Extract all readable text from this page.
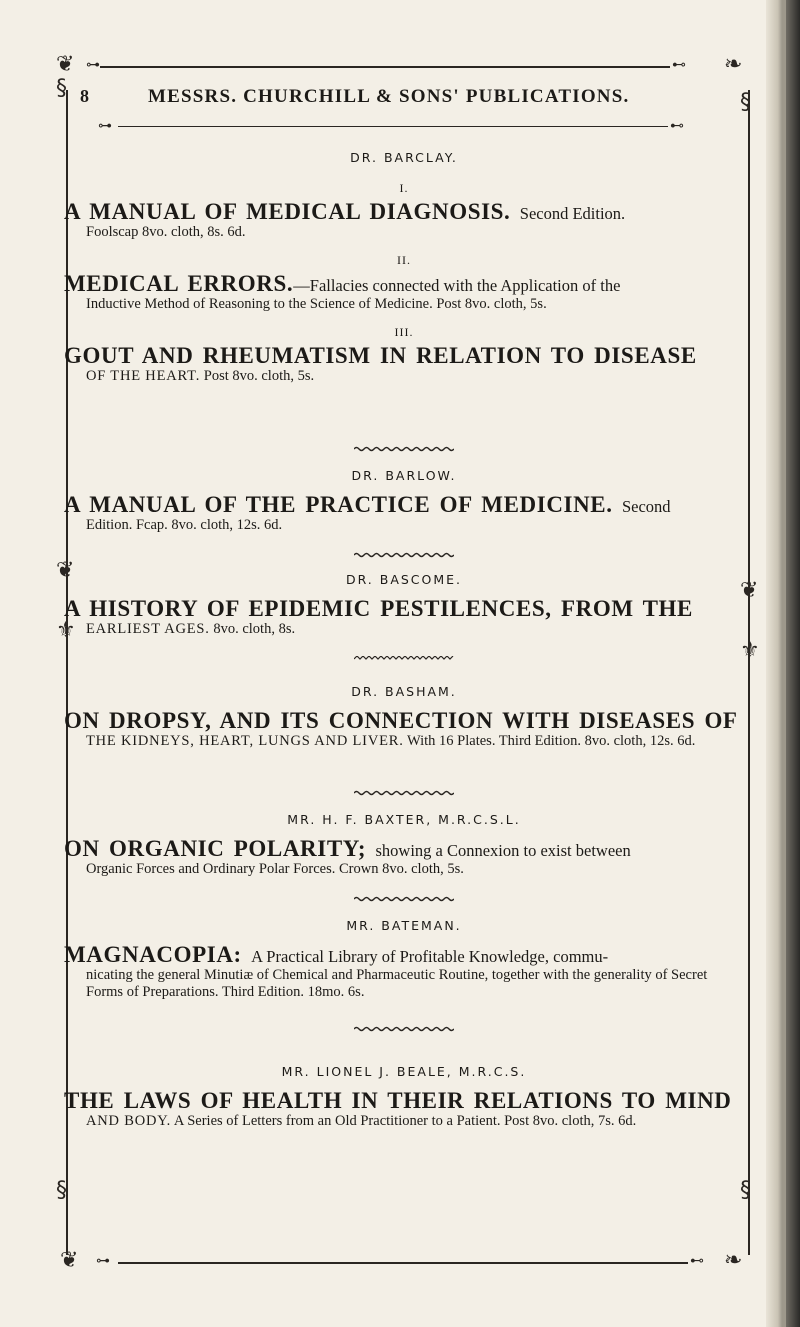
❦ ⊶	⊷ ❧
§
§
❦
⚜
❦
⚜
§	§
❦ ⊶	⊷ ❧
8	MESSRS. CHURCHILL & SONS' PUBLICATIONS.
⊶	⊷

DR. BARCLAY.

I.

A MANUAL OF MEDICAL DIAGNOSIS. Second Edition.

Foolscap 8vo. cloth, 8s. 6d.

II.

MEDICAL ERRORS.—Fallacies connected with the Application of the

Inductive Method of Reasoning to the Science of Medicine. Post 8vo. cloth, 5s.

III.

GOUT AND RHEUMATISM IN RELATION TO DISEASE

OF THE HEART. Post 8vo. cloth, 5s.

DR. BARLOW.

A MANUAL OF THE PRACTICE OF MEDICINE. Second

Edition. Fcap. 8vo. cloth, 12s. 6d.

DR. BASCOME.

A HISTORY OF EPIDEMIC PESTILENCES, FROM THE

EARLIEST AGES. 8vo. cloth, 8s.

DR. BASHAM.

ON DROPSY, AND ITS CONNECTION WITH DISEASES OF

THE KIDNEYS, HEART, LUNGS AND LIVER. With 16 Plates. Third Edition. 8vo. cloth, 12s. 6d.

MR. H. F. BAXTER, M.R.C.S.L.

ON ORGANIC POLARITY; showing a Connexion to exist between

Organic Forces and Ordinary Polar Forces. Crown 8vo. cloth, 5s.

MR. BATEMAN.

MAGNACOPIA: A Practical Library of Profitable Knowledge, commu-

nicating the general Minutiæ of Chemical and Pharmaceutic Routine, together with the generality of Secret Forms of Preparations. Third Edition. 18mo. 6s.

MR. LIONEL J. BEALE, M.R.C.S.

THE LAWS OF HEALTH IN THEIR RELATIONS TO MIND

AND BODY. A Series of Letters from an Old Practitioner to a Patient. Post 8vo. cloth, 7s. 6d.
